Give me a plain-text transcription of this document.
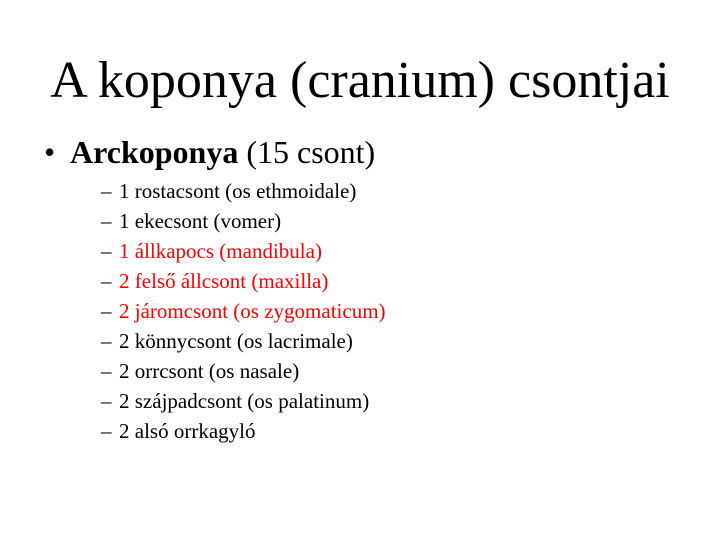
A koponya (cranium) csontjai
• Arckoponya (15 csont)
– 1 rostacsont (os ethmoidale)
– 1 ekecsont (vomer)
– 1 állkapocs (mandibula)
– 2 felső állcsont (maxilla)
– 2 járomcsont (os zygomaticum)
– 2 könnycsont (os lacrimale)
– 2 orrcsont (os nasale)
– 2 szájpadcsont (os palatinum)
– 2 alsó orrkagyló
